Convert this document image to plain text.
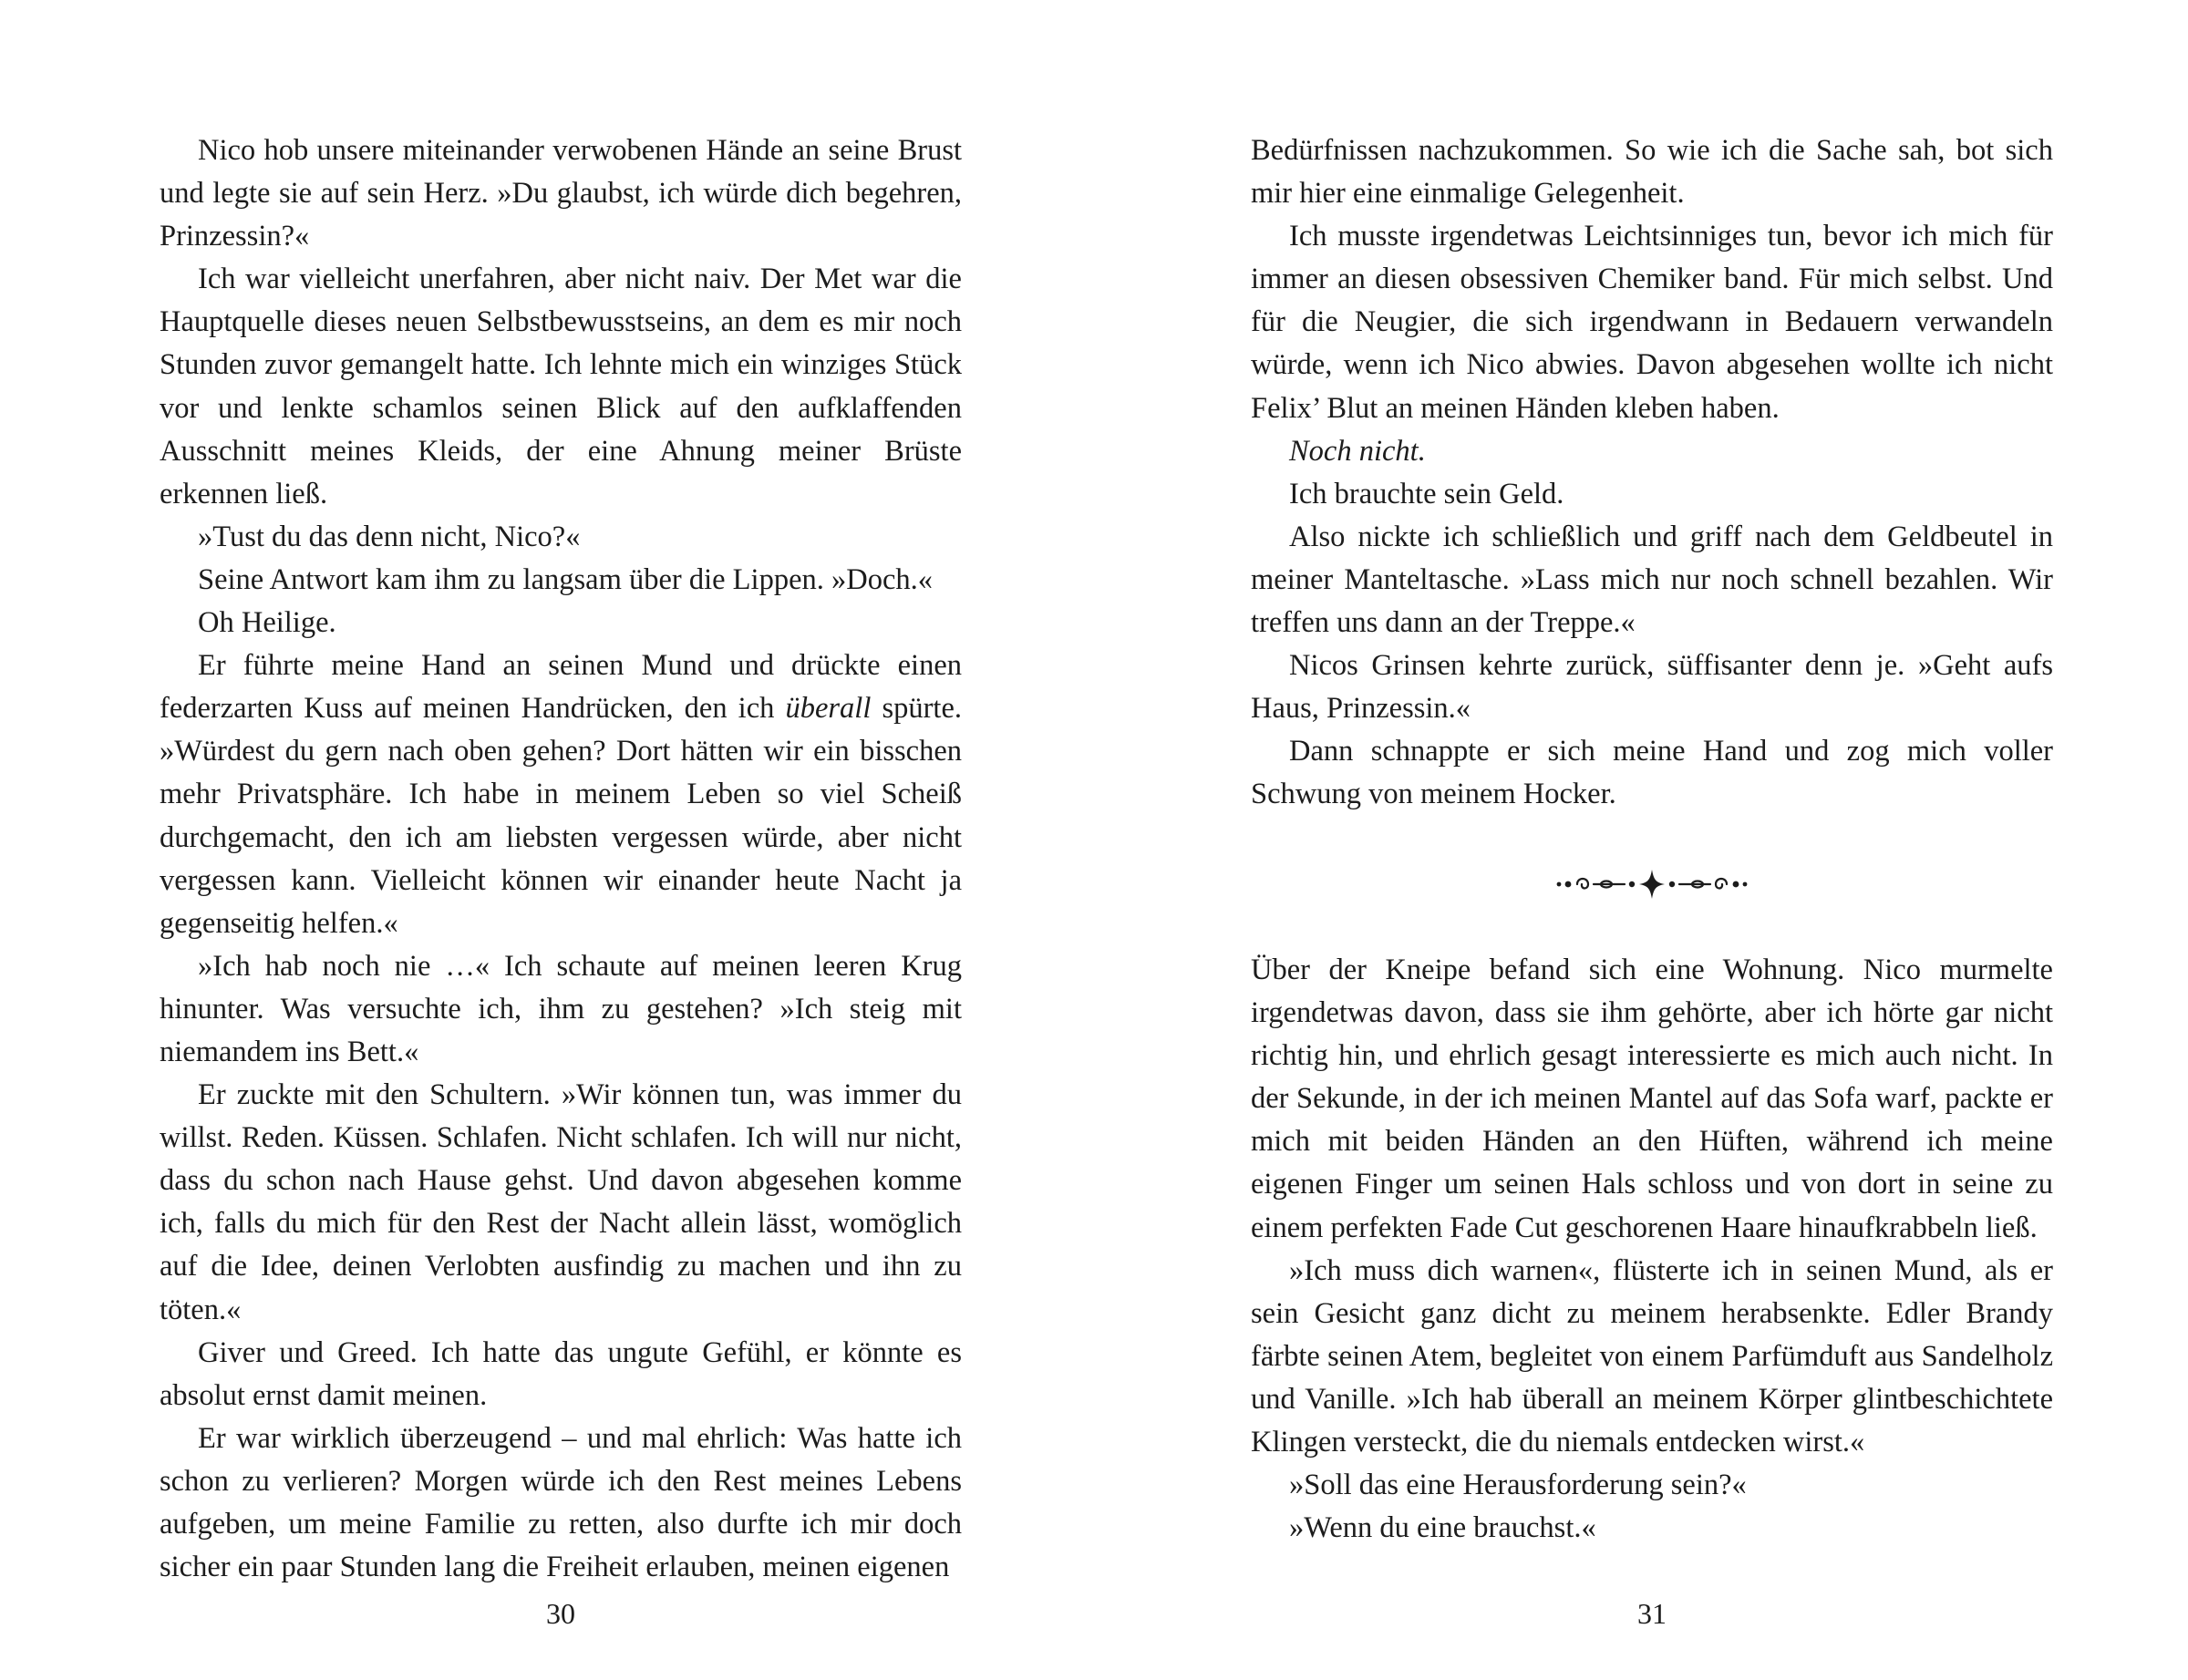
Nico hob unsere miteinander verwobenen Hände an seine Brust und legte sie auf sein Herz. »Du glaubst, ich würde dich begehren, Prinzessin?«

Ich war vielleicht unerfahren, aber nicht naiv. Der Met war die Hauptquelle dieses neuen Selbstbewusstseins, an dem es mir noch Stunden zuvor gemangelt hatte. Ich lehnte mich ein winziges Stück vor und lenkte schamlos seinen Blick auf den aufklaffenden Ausschnitt meines Kleids, der eine Ahnung meiner Brüste erkennen ließ.

»Tust du das denn nicht, Nico?«

Seine Antwort kam ihm zu langsam über die Lippen. »Doch.«

Oh Heilige.

Er führte meine Hand an seinen Mund und drückte einen federzarten Kuss auf meinen Handrücken, den ich überall spürte. »Würdest du gern nach oben gehen? Dort hätten wir ein bisschen mehr Privatsphäre. Ich habe in meinem Leben so viel Scheiß durchgemacht, den ich am liebsten vergessen würde, aber nicht vergessen kann. Vielleicht können wir einander heute Nacht ja gegenseitig helfen.«

»Ich hab noch nie …« Ich schaute auf meinen leeren Krug hinunter. Was versuchte ich, ihm zu gestehen? »Ich steig mit niemandem ins Bett.«

Er zuckte mit den Schultern. »Wir können tun, was immer du willst. Reden. Küssen. Schlafen. Nicht schlafen. Ich will nur nicht, dass du schon nach Hause gehst. Und davon abgesehen komme ich, falls du mich für den Rest der Nacht allein lässt, womöglich auf die Idee, deinen Verlobten ausfindig zu machen und ihn zu töten.«

Giver und Greed. Ich hatte das ungute Gefühl, er könnte es absolut ernst damit meinen.

Er war wirklich überzeugend – und mal ehrlich: Was hatte ich schon zu verlieren? Morgen würde ich den Rest meines Lebens aufgeben, um meine Familie zu retten, also durfte ich mir doch sicher ein paar Stunden lang die Freiheit erlauben, meinen eigenen

30

Bedürfnissen nachzukommen. So wie ich die Sache sah, bot sich mir hier eine einmalige Gelegenheit.

Ich musste irgendetwas Leichtsinniges tun, bevor ich mich für immer an diesen obsessiven Chemiker band. Für mich selbst. Und für die Neugier, die sich irgendwann in Bedauern verwandeln würde, wenn ich Nico abwies. Davon abgesehen wollte ich nicht Felix’ Blut an meinen Händen kleben haben.

Noch nicht.

Ich brauchte sein Geld.

Also nickte ich schließlich und griff nach dem Geldbeutel in meiner Manteltasche. »Lass mich nur noch schnell bezahlen. Wir treffen uns dann an der Treppe.«

Nicos Grinsen kehrte zurück, süffisanter denn je. »Geht aufs Haus, Prinzessin.«

Dann schnappte er sich meine Hand und zog mich voller Schwung von meinem Hocker.

Über der Kneipe befand sich eine Wohnung. Nico murmelte irgendetwas davon, dass sie ihm gehörte, aber ich hörte gar nicht richtig hin, und ehrlich gesagt interessierte es mich auch nicht. In der Sekunde, in der ich meinen Mantel auf das Sofa warf, packte er mich mit beiden Händen an den Hüften, während ich meine eigenen Finger um seinen Hals schloss und von dort in seine zu einem perfekten Fade Cut geschorenen Haare hinaufkrabbeln ließ.

»Ich muss dich warnen«, flüsterte ich in seinen Mund, als er sein Gesicht ganz dicht zu meinem herabsenkte. Edler Brandy färbte seinen Atem, begleitet von einem Parfümduft aus Sandelholz und Vanille. »Ich hab überall an meinem Körper glintbeschichtete Klingen versteckt, die du niemals entdecken wirst.«

»Soll das eine Herausforderung sein?«

»Wenn du eine brauchst.«

31
